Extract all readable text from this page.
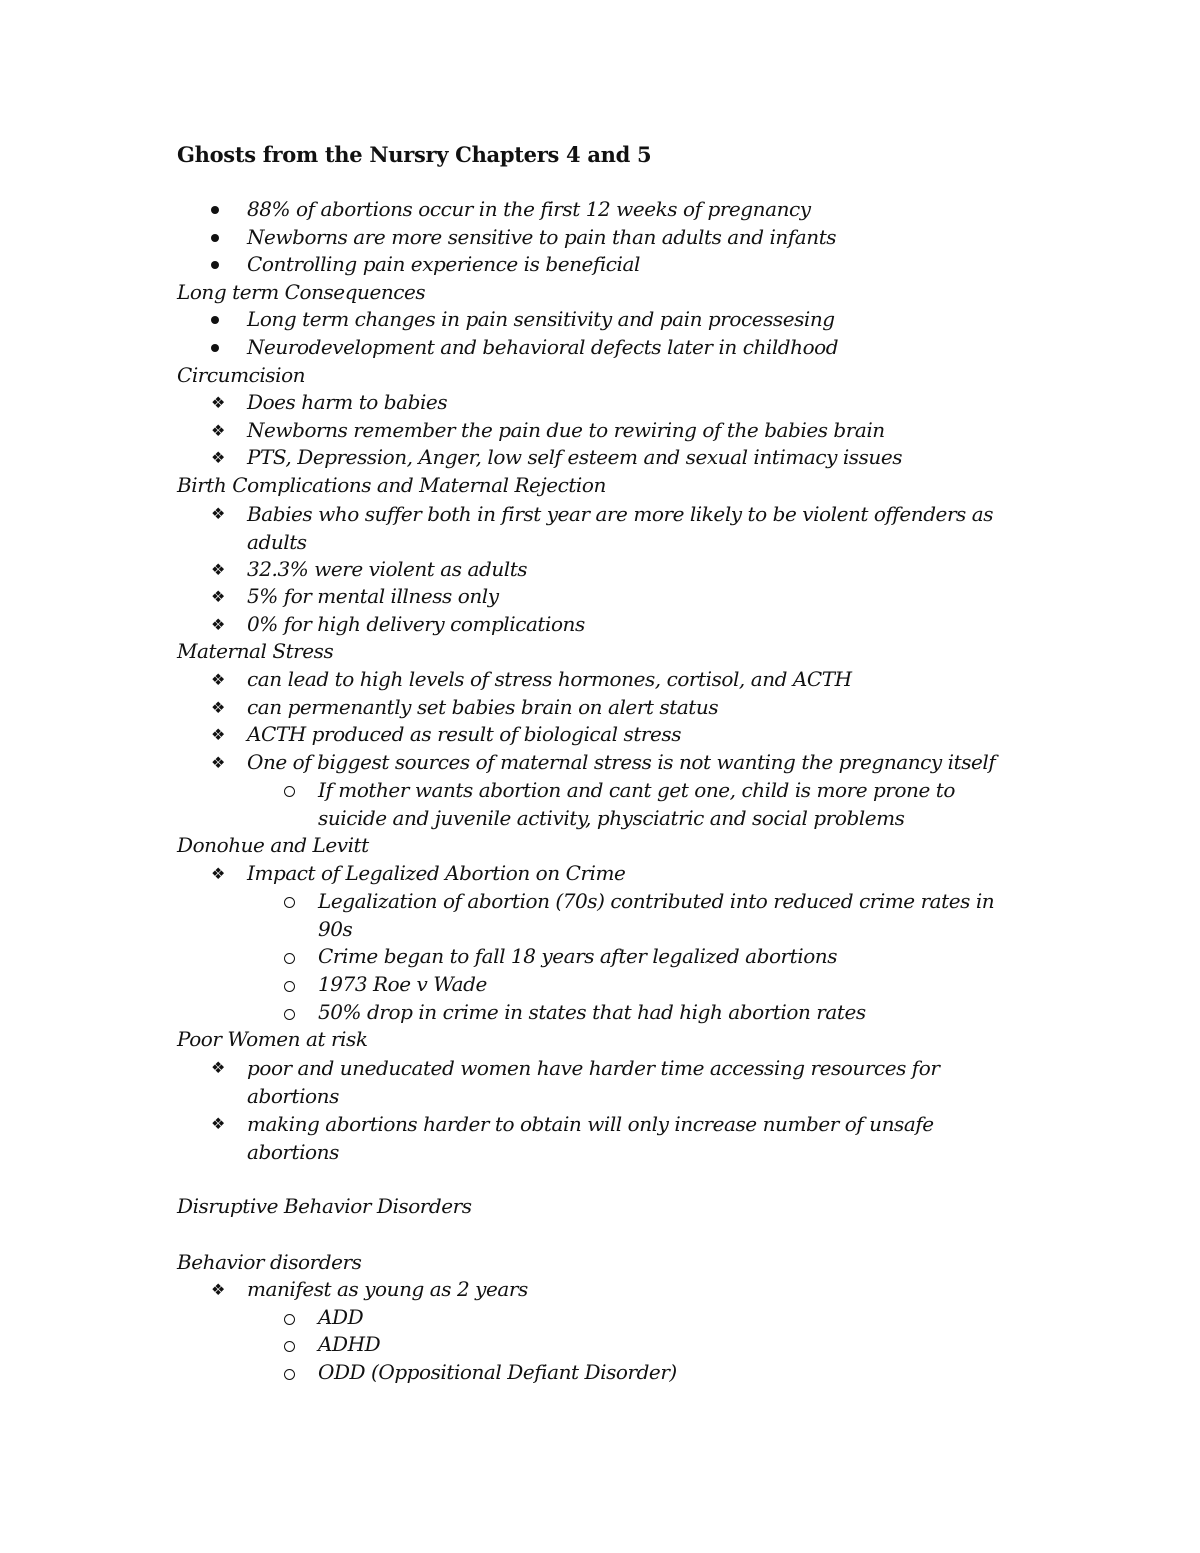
Ghosts from the Nursry Chapters 4 and 5
88% of abortions occur in the first 12 weeks of pregnancy
Newborns are more sensitive to pain than adults and infants
Controlling pain experience is beneficial
Long term Consequences
Long term changes in pain sensitivity and pain processesing
Neurodevelopment and behavioral defects later in childhood
Circumcision
❖ Does harm to babies
❖ Newborns remember the pain due to rewiring of the babies brain
❖ PTS, Depression, Anger, low self esteem and sexual intimacy issues
Birth Complications and Maternal Rejection
❖ Babies who suffer both in first year are more likely to be violent offenders as adults
❖ 32.3% were violent as adults
❖ 5% for mental illness only
❖ 0% for high delivery complications
Maternal Stress
❖ can lead to high levels of stress hormones, cortisol, and ACTH
❖ can permenantly set babies brain on alert status
❖ ACTH produced as result of biological stress
❖ One of biggest sources of maternal stress is not wanting the pregnancy itself
If mother wants abortion and cant get one, child is more prone to suicide and juvenile activity, physciatric and social problems
Donohue and Levitt
❖ Impact of Legalized Abortion on Crime
Legalization of abortion (70s) contributed into reduced crime rates in 90s
Crime began to fall 18 years after legalized abortions
1973 Roe v Wade
50% drop in crime in states that had high abortion rates
Poor Women at risk
❖ poor and uneducated women have harder time accessing resources for abortions
❖ making abortions harder to obtain will only increase number of unsafe abortions
Disruptive Behavior Disorders
Behavior disorders
❖ manifest as young as 2 years
ADD
ADHD
ODD (Oppositional Defiant Disorder)
